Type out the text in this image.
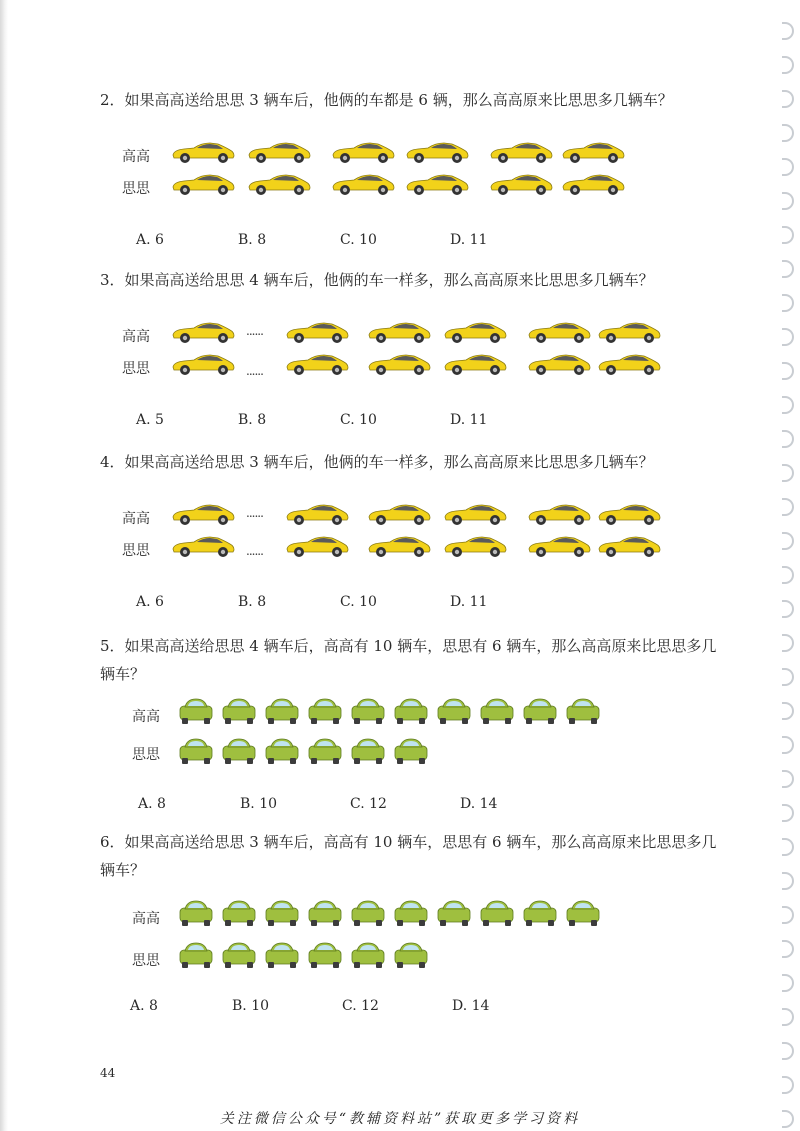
2．如果高高送给思思 3 辆车后，他俩的车都是 6 辆，那么高高原来比思思多几辆车？
高高
思思
A. 6	B. 8	C. 10	D. 11
3．如果高高送给思思 4 辆车后，他俩的车一样多，那么高高原来比思思多几辆车？
高高
思思
......
......
A. 5	B. 8	C. 10	D. 11
4．如果高高送给思思 3 辆车后，他俩的车一样多，那么高高原来比思思多几辆车？
高高
思思
......
......
A. 6	B. 8	C. 10	D. 11
5．如果高高送给思思 4 辆车后，高高有 10 辆车，思思有 6 辆车，那么高高原来比思思多几辆车？
高高
思思
A. 8	B. 10	C. 12	D. 14
6．如果高高送给思思 3 辆车后，高高有 10 辆车，思思有 6 辆车，那么高高原来比思思多几辆车？
高高
思思
A. 8	B. 10	C. 12	D. 14
44
关注微信公众号“教辅资料站”获取更多学习资料
